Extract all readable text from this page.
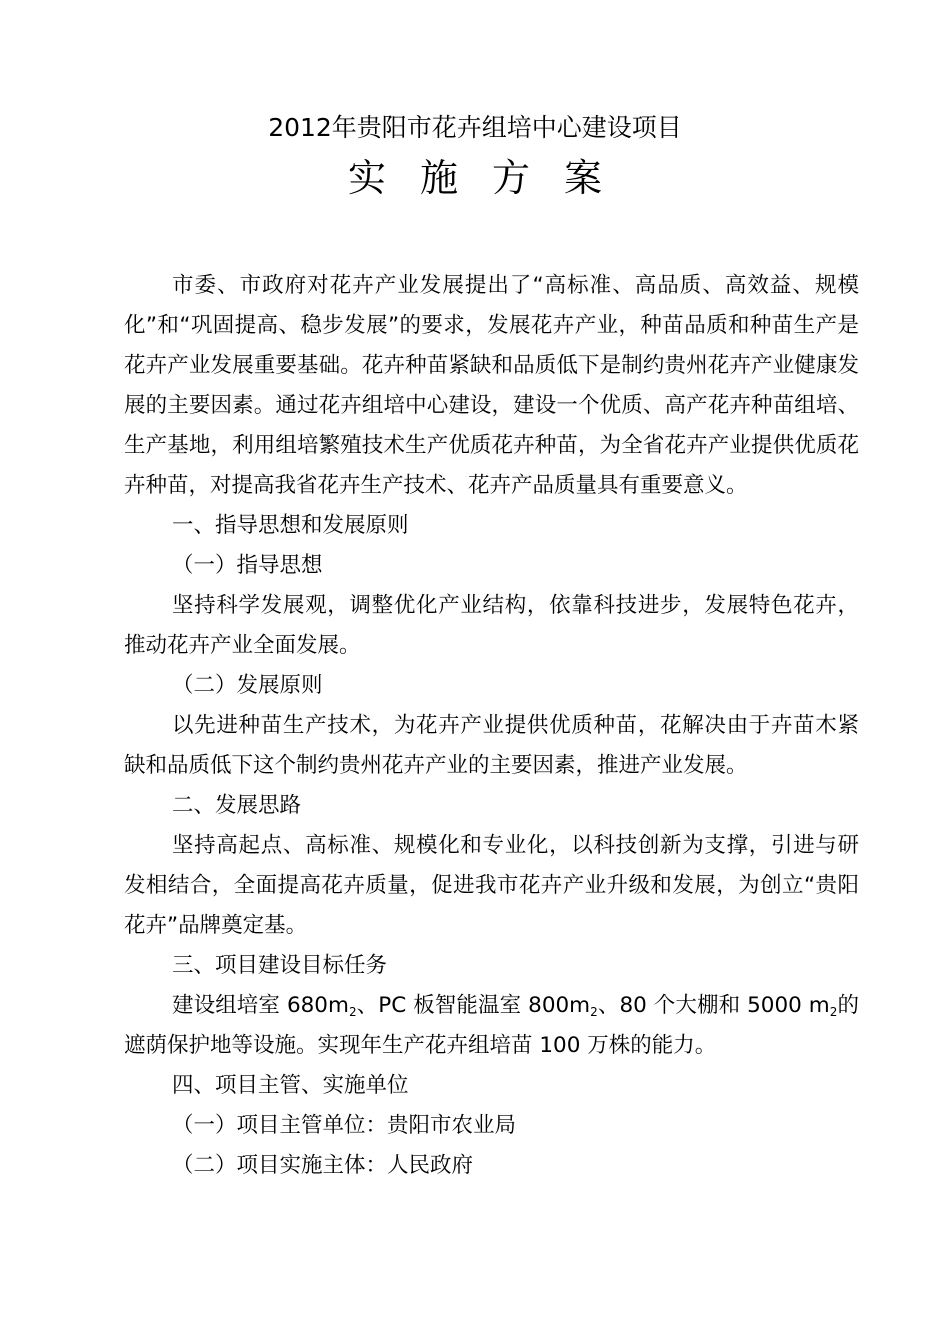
2012年贵阳市花卉组培中心建设项目
实施方案

市委、市政府对花卉产业发展提出了“高标准、高品质、高效益、规模化”和“巩固提高、稳步发展”的要求，发展花卉产业，种苗品质和种苗生产是花卉产业发展重要基础。花卉种苗紧缺和品质低下是制约贵州花卉产业健康发展的主要因素。通过花卉组培中心建设，建设一个优质、高产花卉种苗组培、生产基地，利用组培繁殖技术生产优质花卉种苗，为全省花卉产业提供优质花卉种苗，对提高我省花卉生产技术、花卉产品质量具有重要意义。

一、指导思想和发展原则

（一）指导思想

坚持科学发展观，调整优化产业结构，依靠科技进步，发展特色花卉，推动花卉产业全面发展。

（二）发展原则

以先进种苗生产技术，为花卉产业提供优质种苗，花解决由于卉苗木紧缺和品质低下这个制约贵州花卉产业的主要因素，推进产业发展。

二、发展思路

坚持高起点、高标准、规模化和专业化，以科技创新为支撑，引进与研发相结合，全面提高花卉质量，促进我市花卉产业升级和发展，为创立“贵阳花卉”品牌奠定基。

三、项目建设目标任务

建设组培室 $680m_2$、PC 板智能温室 $800m_2$、80 个大棚和 5000 $m_2$的遮荫保护地等设施。实现年生产花卉组培苗 100 万株的能力。

四、项目主管、实施单位

（一）项目主管单位：贵阳市农业局

（二）项目实施主体：人民政府
